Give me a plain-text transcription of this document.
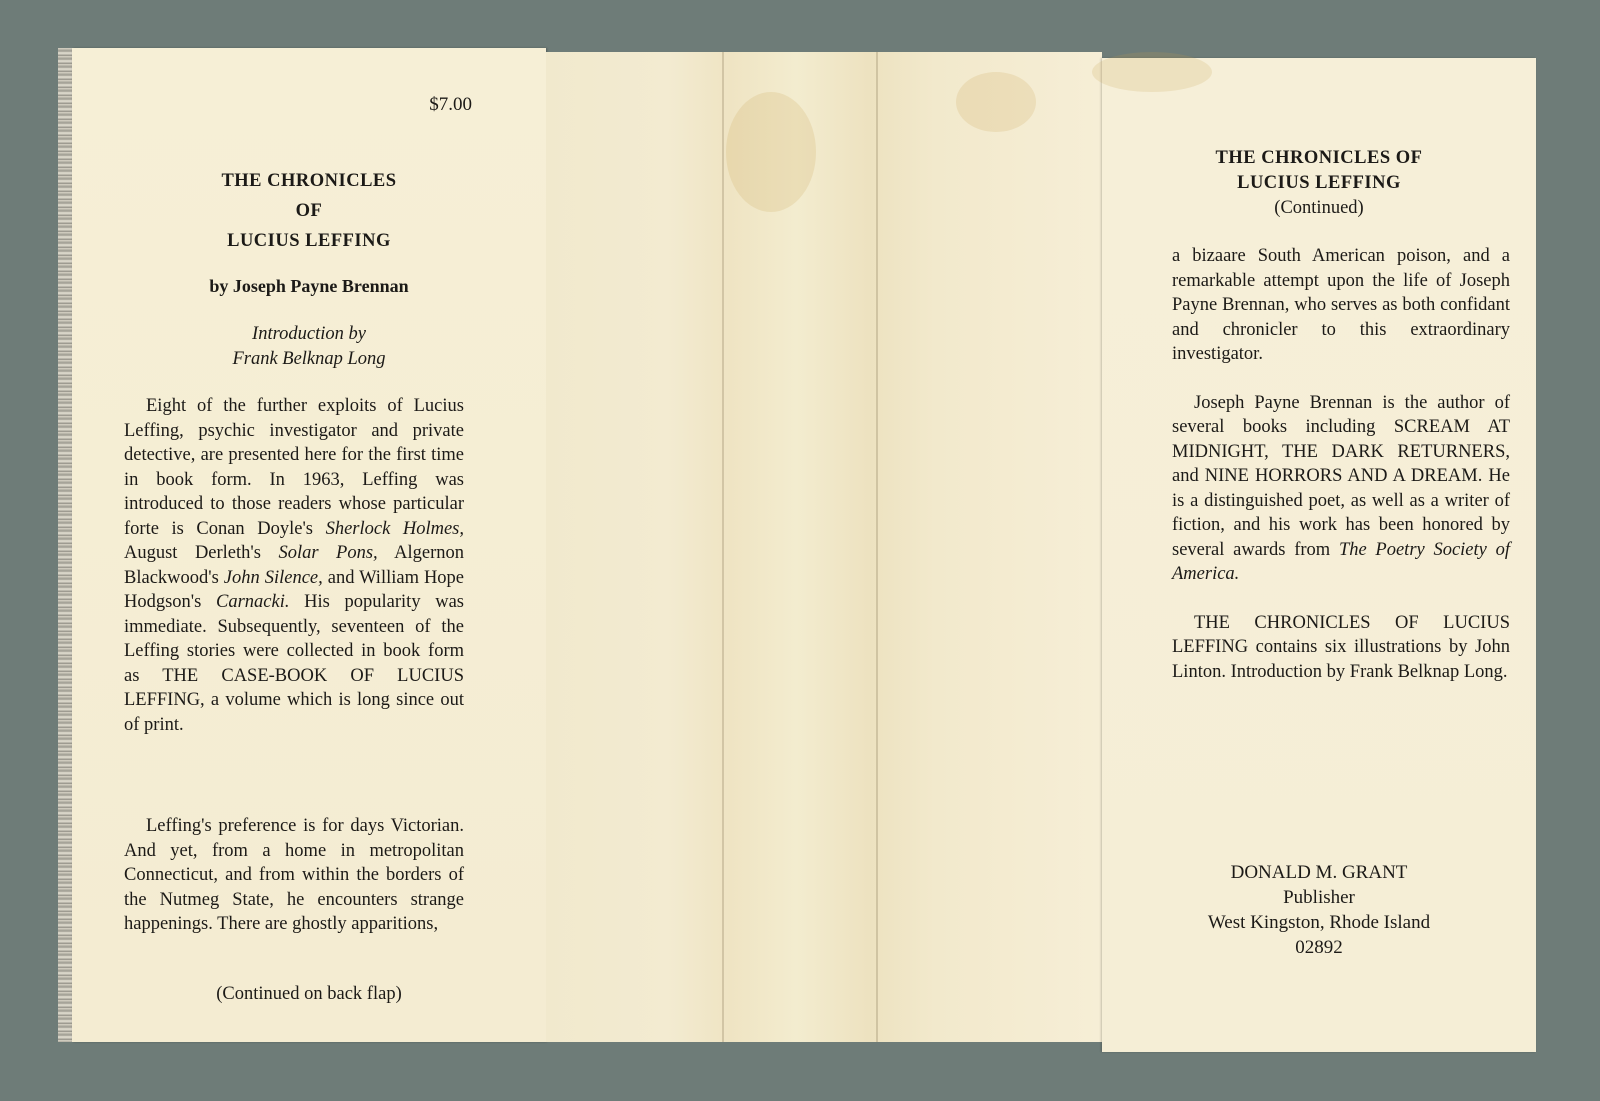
$7.00
THE CHRONICLES
OF
LUCIUS LEFFING
by Joseph Payne Brennan
Introduction by
Frank Belknap Long

Eight of the further exploits of Lucius Leffing, psychic investigator and private detective, are presented here for the first time in book form. In 1963, Leffing was introduced to those readers whose particular forte is Conan Doyle's Sherlock Holmes, August Derleth's Solar Pons, Algernon Blackwood's John Silence, and William Hope Hodgson's Carnacki. His popularity was immediate. Subsequently, seventeen of the Leffing stories were collected in book form as THE CASE-BOOK OF LUCIUS LEFFING, a volume which is long since out of print.

Leffing's preference is for days Victorian. And yet, from a home in metropolitan Connecticut, and from within the borders of the Nutmeg State, he encounters strange happenings. There are ghostly apparitions,

(Continued on back flap)
THE CHRONICLES OF
LUCIUS LEFFING
(Continued)

a bizaare South American poison, and a remarkable attempt upon the life of Joseph Payne Brennan, who serves as both confidant and chronicler to this extraordinary investigator.

Joseph Payne Brennan is the author of several books including SCREAM AT MIDNIGHT, THE DARK RETURNERS, and NINE HORRORS AND A DREAM. He is a distinguished poet, as well as a writer of fiction, and his work has been honored by several awards from The Poetry Society of America.

THE CHRONICLES OF LUCIUS LEFFING contains six illustrations by John Linton. Introduction by Frank Belknap Long.

DONALD M. GRANT
Publisher
West Kingston, Rhode Island
02892
